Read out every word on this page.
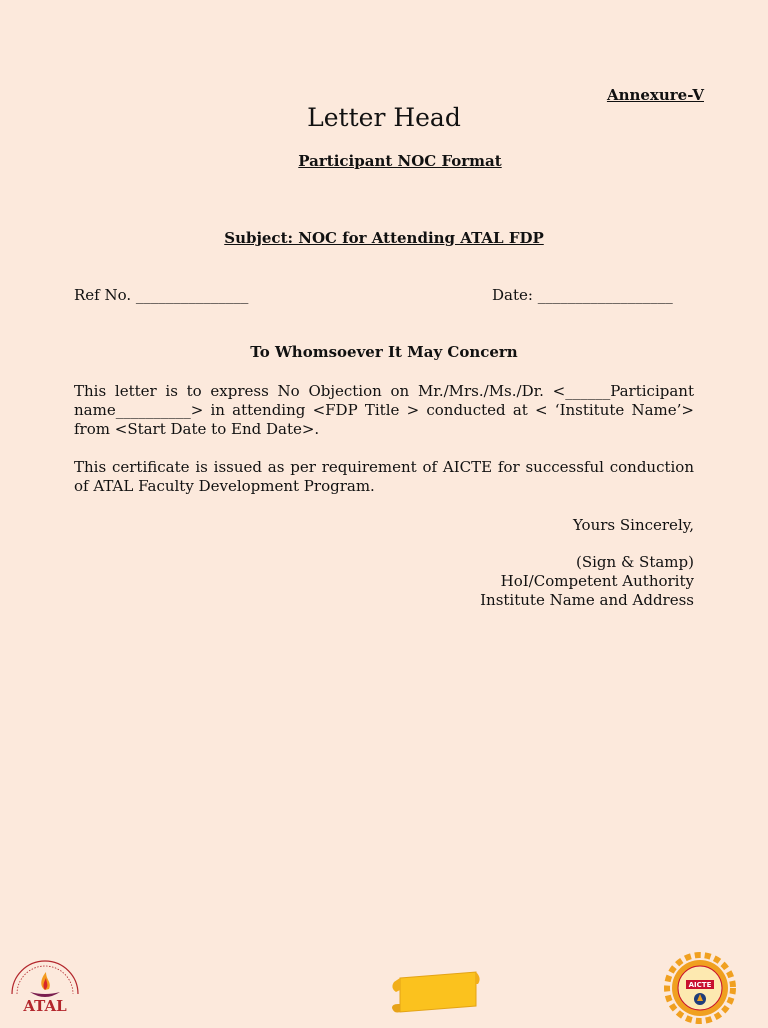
Annexure-V
Letter Head
Participant NOC Format
Subject: NOC for Attending ATAL FDP
Ref No. _______________	Date: __________________
To Whomsoever It May Concern
This letter is to express No Objection on Mr./Mrs./Ms./Dr. <______Participant name__________> in attending <FDP Title > conducted at < ‘Institute Name’> from <Start Date to End Date>.
This certificate is issued as per requirement of AICTE for successful conduction of ATAL Faculty Development Program.
Yours Sincerely,
(Sign & Stamp)
HoI/Competent Authority
Institute Name and Address
ATAL
AICTE
